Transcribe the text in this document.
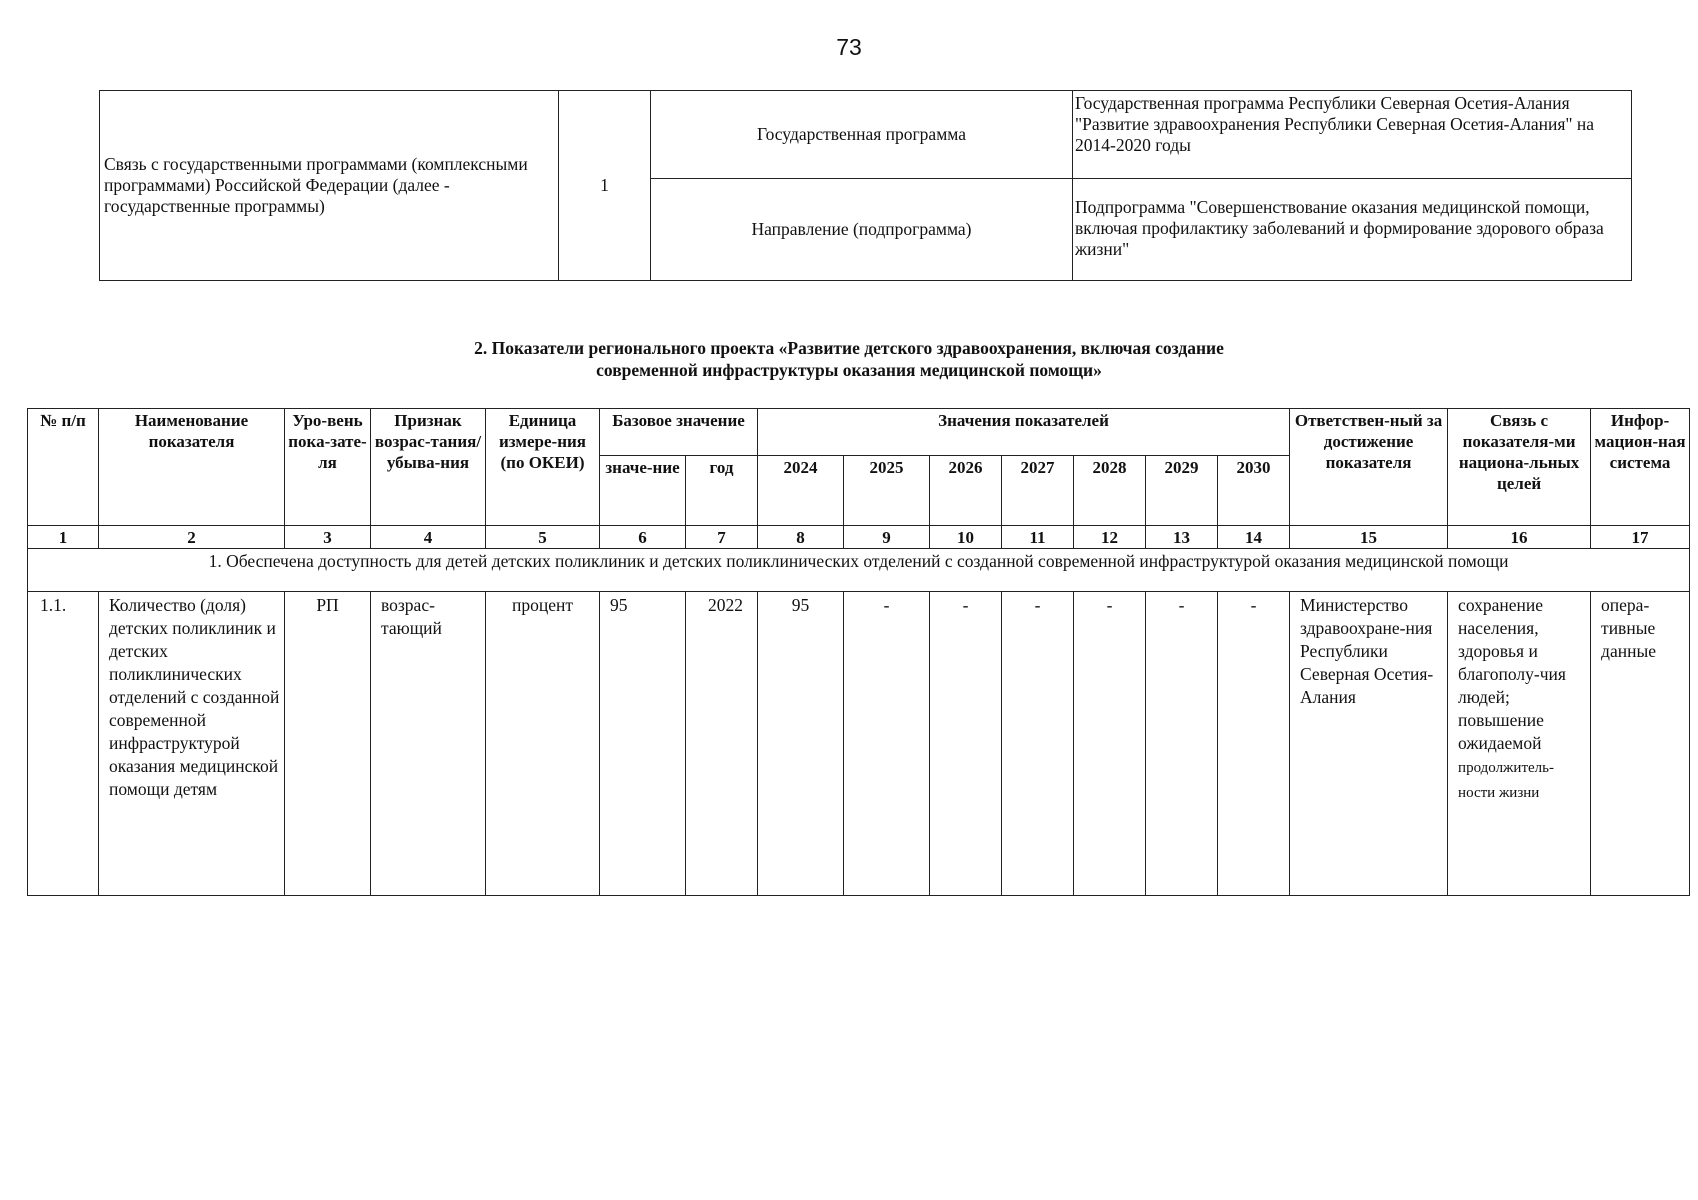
73
Связь с государственными программами (комплексными программами) Российской Федерации (далее - государственные программы)	1	Государственная программа	Государственная программа Республики Северная Осетия-Алания "Развитие здравоохранения Республики Северная Осетия-Алания" на 2014-2020 годы
		Направление (подпрограмма)	Подпрограмма "Совершенствование оказания медицинской помощи, включая профилактику заболеваний и формирование здорового образа жизни"
2. Показатели регионального проекта «Развитие детского здравоохранения, включая создание
современной инфраструктуры оказания медицинской помощи»
№ п/п	Наименование показателя	Уро-вень пока-зате-ля	Признак возрас-тания/ убыва-ния	Единица измере-ния (по ОКЕИ)	Базовое значение		Значения показателей							Ответствен-ный за достижение показателя	Связь с показателя-ми национа-льных целей	Инфор-мацион-ная система
					значе-ние	год	2024	2025	2026	2027	2028	2029	2030			
1	2	3	4	5	6	7	8	9	10	11	12	13	14	15	16	17
1. Обеспечена доступность для детей детских поликлиник и детских поликлинических отделений с созданной современной инфраструктурой оказания медицинской помощи																
1.1.	Количество (доля) детских поликлиник и детских поликлинических отделений с созданной современной инфраструктурой оказания медицинской помощи детям	РП	возрас-тающий	процент	95	2022	95	-	-	-	-	-	-	Министерство здравоохране-ния Республики Северная Осетия-Алания	сохранение населения, здоровья и благополу-чия людей; повышение ожидаемой продолжитель-ности жизни	опера-тивные данные
